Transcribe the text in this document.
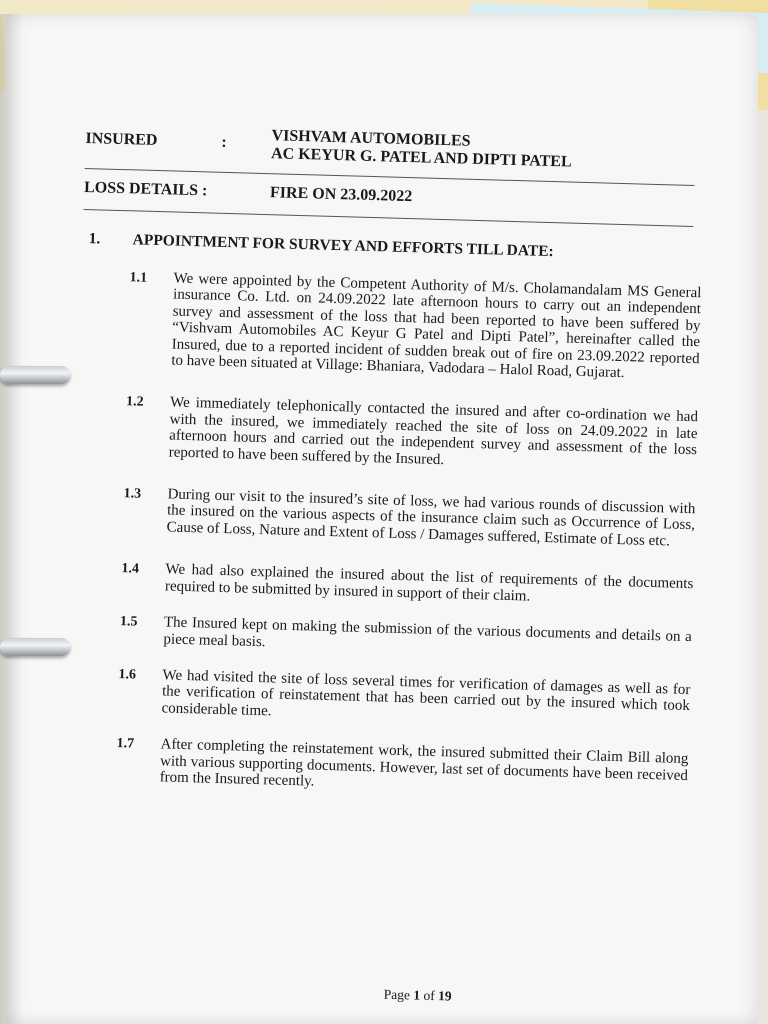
INSURED	:	VISHVAM AUTOMOBILES
AC KEYUR G. PATEL AND DIPTI PATEL
LOSS DETAILS :	FIRE ON 23.09.2022
1. APPOINTMENT FOR SURVEY AND EFFORTS TILL DATE:
1.1 We were appointed by the Competent Authority of M/s. Cholamandalam MS General insurance Co. Ltd. on 24.09.2022 late afternoon hours to carry out an independent survey and assessment of the loss that had been reported to have been suffered by “Vishvam Automobiles AC Keyur G Patel and Dipti Patel”, hereinafter called the Insured, due to a reported incident of sudden break out of fire on 23.09.2022 reported to have been situated at Village: Bhaniara, Vadodara – Halol Road, Gujarat.
1.2 We immediately telephonically contacted the insured and after co-ordination we had with the insured, we immediately reached the site of loss on 24.09.2022 in late afternoon hours and carried out the independent survey and assessment of the loss reported to have been suffered by the Insured.
1.3 During our visit to the insured’s site of loss, we had various rounds of discussion with the insured on the various aspects of the insurance claim such as Occurrence of Loss, Cause of Loss, Nature and Extent of Loss / Damages suffered, Estimate of Loss etc.
1.4 We had also explained the insured about the list of requirements of the documents required to be submitted by insured in support of their claim.
1.5 The Insured kept on making the submission of the various documents and details on a piece meal basis.
1.6 We had visited the site of loss several times for verification of damages as well as for the verification of reinstatement that has been carried out by the insured which took considerable time.
1.7 After completing the reinstatement work, the insured submitted their Claim Bill along with various supporting documents. However, last set of documents have been received from the Insured recently.
Page 1 of 19
